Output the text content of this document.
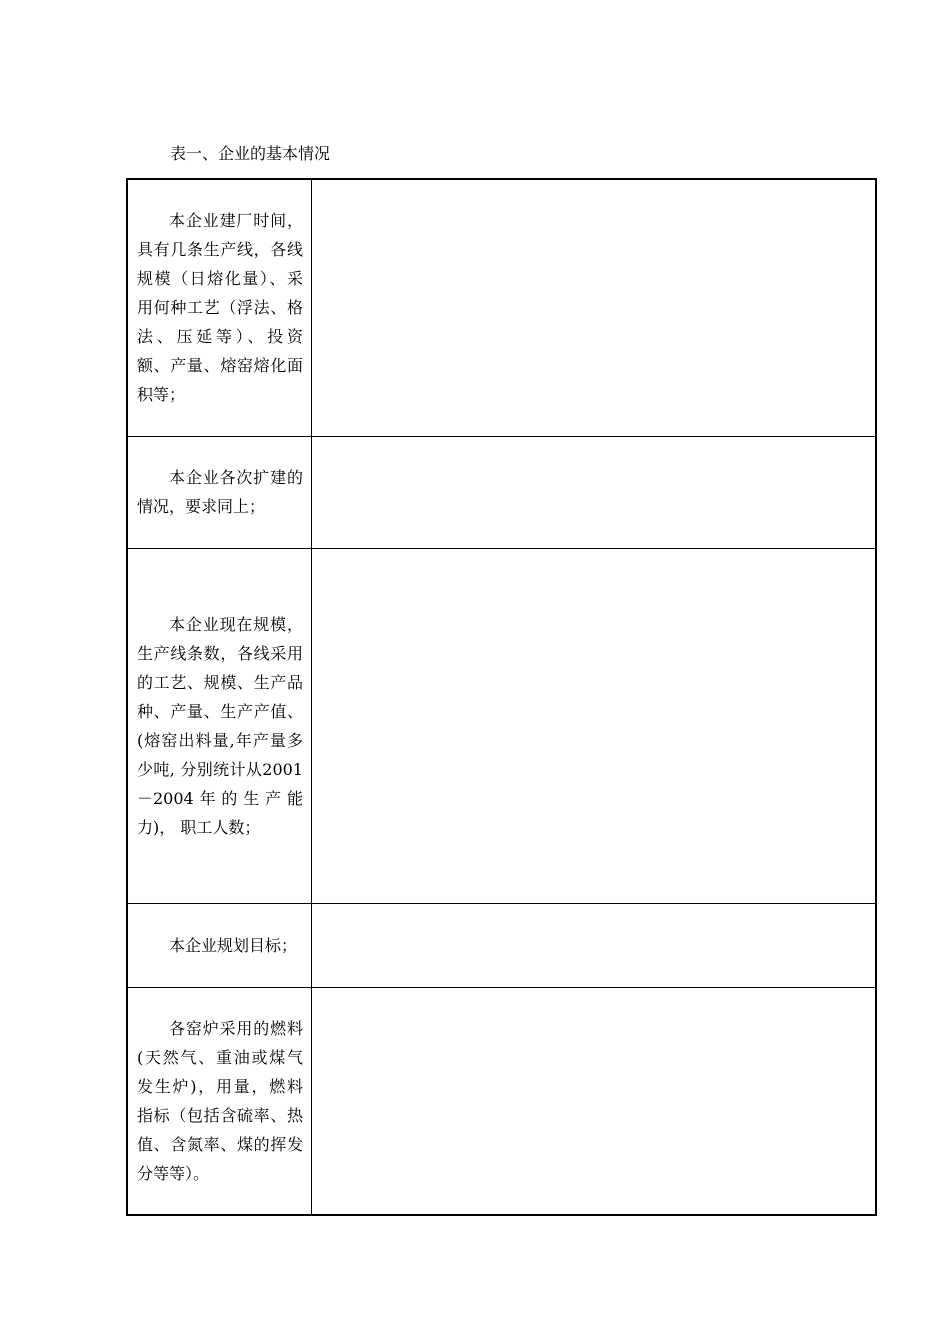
表一、企业的基本情况
本企业建厂时间，具有几条生产线，各线规模（日熔化量）、采用何种工艺（浮法、格法、压延等）、投资额、产量、熔窑熔化面积等；	

本企业各次扩建的情况，要求同上；	

本企业现在规模，生产线条数，各线采用的工艺、规模、生产品种、产量、生产产值、(熔窑出料量,年产量多少吨, 分别统计从2001－2004年的生产能力)， 职工人数；	

本企业规划目标；	

各窑炉采用的燃料(天然气、重油或煤气发生炉)，用量，燃料指标（包括含硫率、热值、含氮率、煤的挥发分等等）。	
